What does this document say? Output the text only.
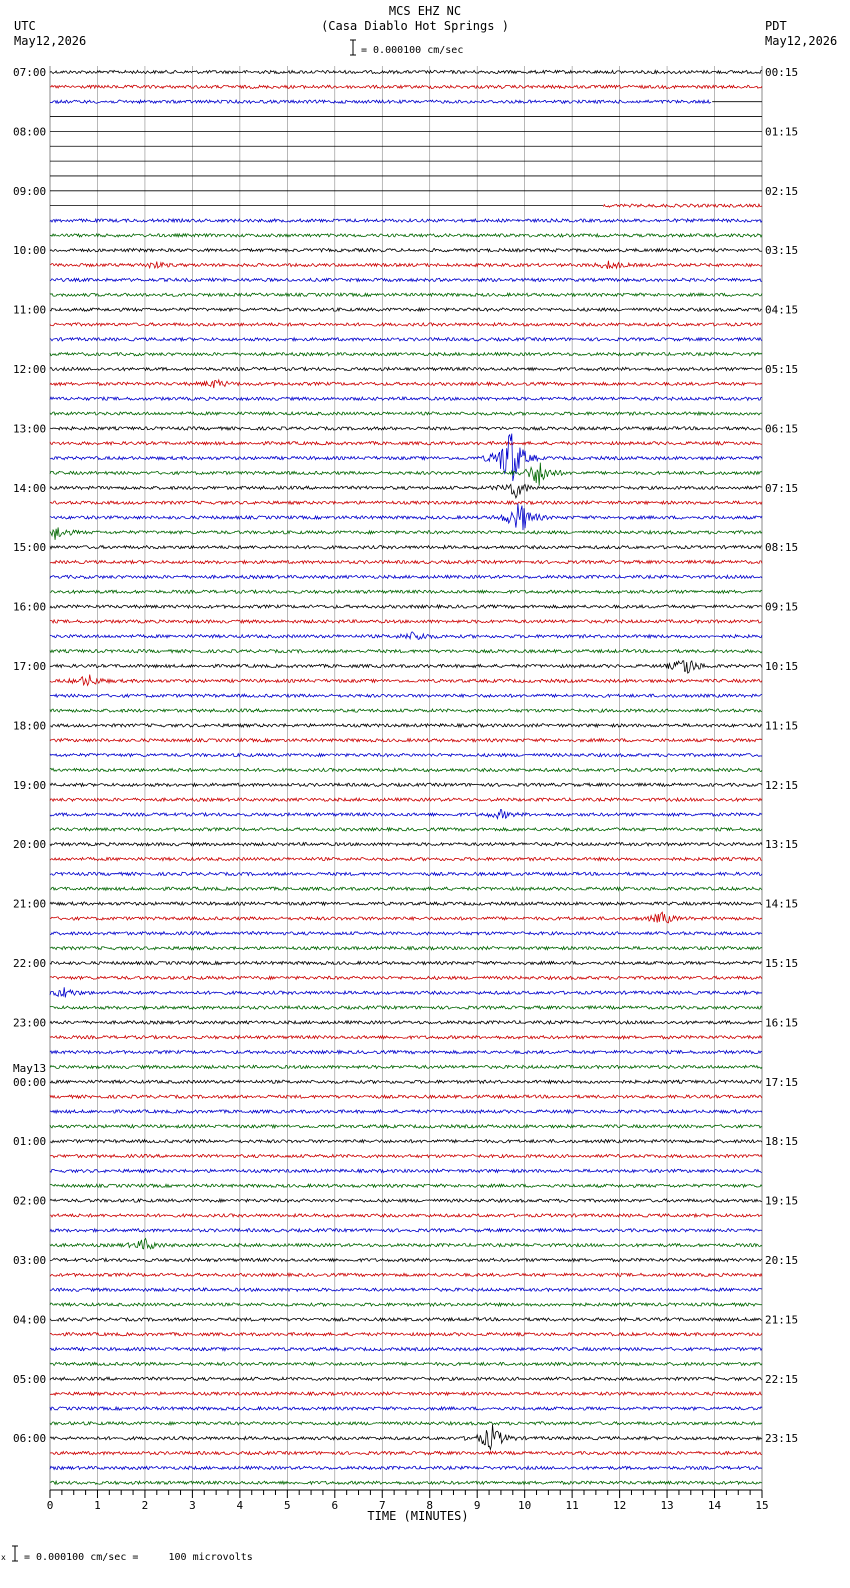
MCS EHZ NC
(Casa Diablo Hot Springs )
= 0.000100 cm/sec
UTC
May12,2026
PDT
May12,2026
07:00
08:00
09:00
10:00
11:00
12:00
13:00
14:00
15:00
16:00
17:00
18:00
19:00
20:00
21:00
22:00
23:00
00:00
May13
01:00
02:00
03:00
04:00
05:00
06:00
00:15
01:15
02:15
03:15
04:15
05:15
06:15
07:15
08:15
09:15
10:15
11:15
12:15
13:15
14:15
15:15
16:15
17:15
18:15
19:15
20:15
21:15
22:15
23:15
0	1	2	3	4	5	6	7	8	9	10	11	12	13	14	15
TIME (MINUTES)
x = 0.000100 cm/sec =     100 microvolts
